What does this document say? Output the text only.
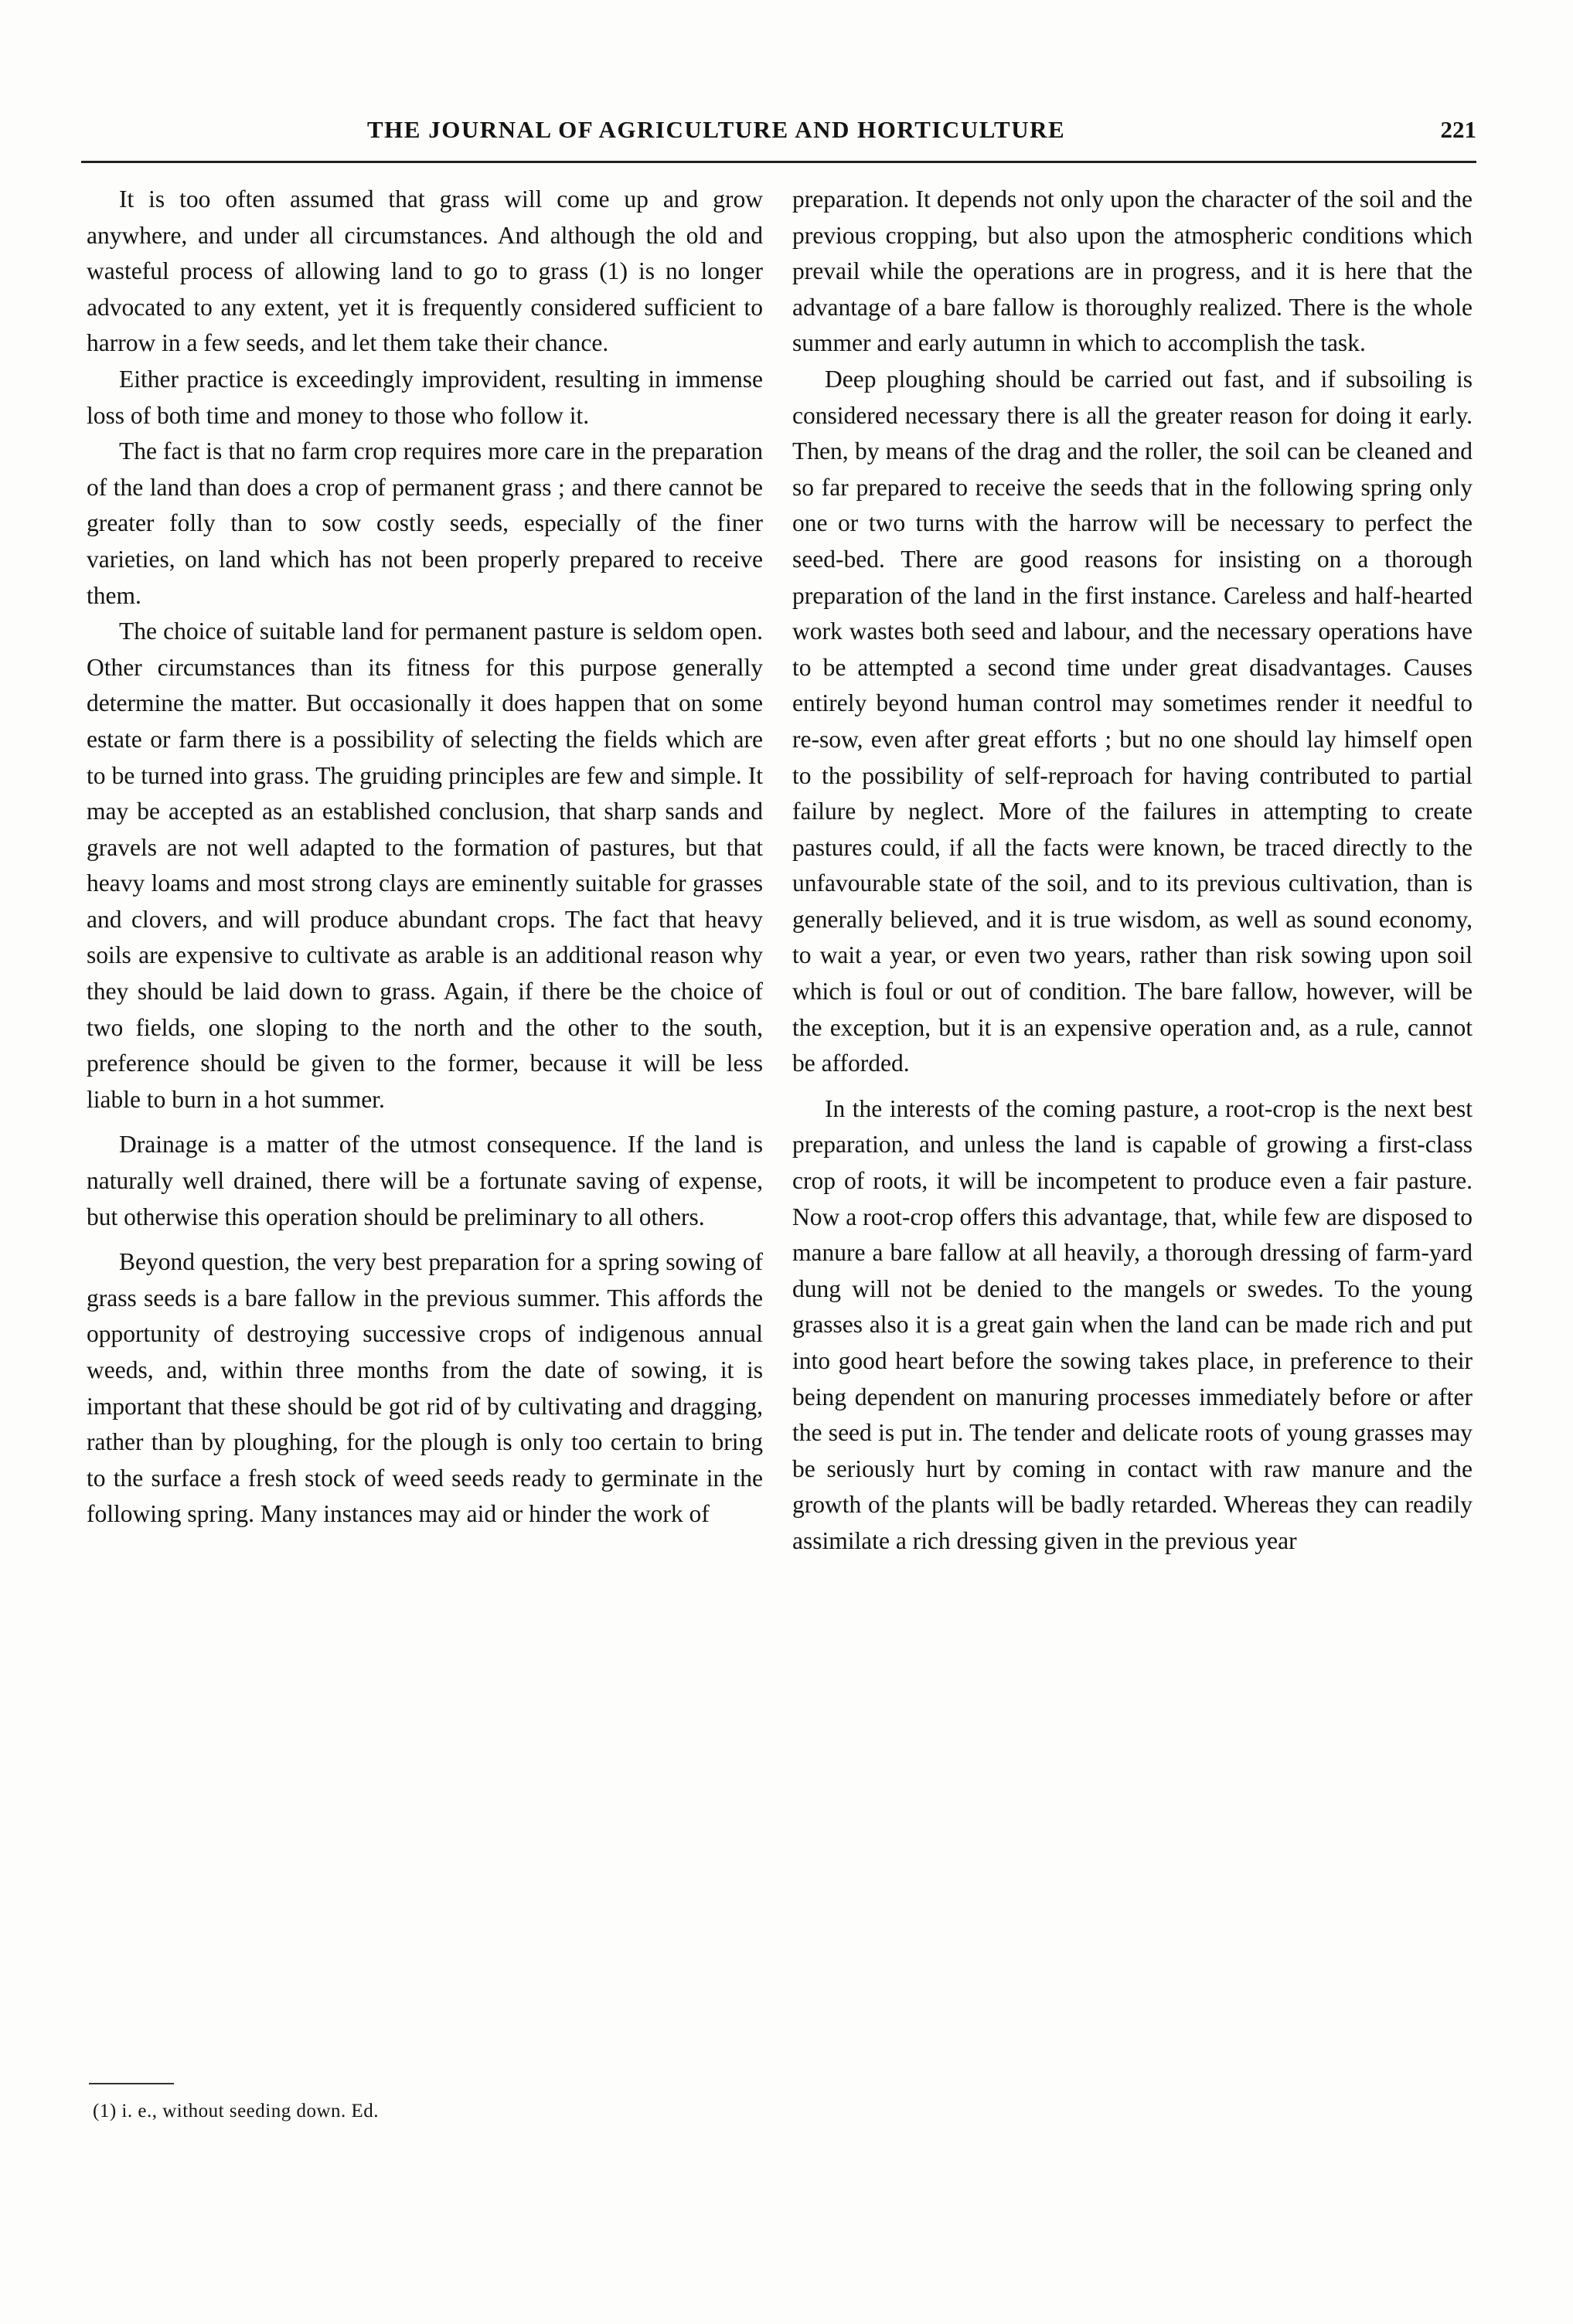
THE JOURNAL OF AGRICULTURE AND HORTICULTURE	221

It is too often assumed that grass will come up and grow anywhere, and under all circumstances. And although the old and wasteful process of allowing land to go to grass (1) is no longer advocated to any extent, yet it is frequently considered sufficient to harrow in a few seeds, and let them take their chance.

Either practice is exceedingly improvident, resulting in immense loss of both time and money to those who follow it.

The fact is that no farm crop requires more care in the preparation of the land than does a crop of permanent grass ; and there cannot be greater folly than to sow costly seeds, especially of the finer varieties, on land which has not been properly prepared to receive them.

The choice of suitable land for permanent pasture is seldom open. Other circumstances than its fitness for this purpose generally determine the matter. But occasionally it does happen that on some estate or farm there is a possibility of selecting the fields which are to be turned into grass. The gruiding principles are few and simple. It may be accepted as an established conclusion, that sharp sands and gravels are not well adapted to the formation of pastures, but that heavy loams and most strong clays are eminently suitable for grasses and clovers, and will produce abundant crops. The fact that heavy soils are expensive to cultivate as arable is an additional reason why they should be laid down to grass. Again, if there be the choice of two fields, one sloping to the north and the other to the south, preference should be given to the former, because it will be less liable to burn in a hot summer.

Drainage is a matter of the utmost consequence. If the land is naturally well drained, there will be a fortunate saving of expense, but otherwise this operation should be preliminary to all others.

Beyond question, the very best preparation for a spring sowing of grass seeds is a bare fallow in the previous summer. This affords the opportunity of destroying successive crops of indigenous annual weeds, and, within three months from the date of sowing, it is important that these should be got rid of by cultivating and dragging, rather than by ploughing, for the plough is only too certain to bring to the surface a fresh stock of weed seeds ready to germinate in the following spring. Many instances may aid or hinder the work of

(1) i. e., without seeding down. Ed.

preparation. It depends not only upon the character of the soil and the previous cropping, but also upon the atmospheric conditions which prevail while the operations are in progress, and it is here that the advantage of a bare fallow is thoroughly realized. There is the whole summer and early autumn in which to accomplish the task.

Deep ploughing should be carried out fast, and if subsoiling is considered necessary there is all the greater reason for doing it early. Then, by means of the drag and the roller, the soil can be cleaned and so far prepared to receive the seeds that in the following spring only one or two turns with the harrow will be necessary to perfect the seed-bed. There are good reasons for insisting on a thorough preparation of the land in the first instance. Careless and half-hearted work wastes both seed and labour, and the necessary operations have to be attempted a second time under great disadvantages. Causes entirely beyond human control may sometimes render it needful to re-sow, even after great efforts ; but no one should lay himself open to the possibility of self-reproach for having contributed to partial failure by neglect. More of the failures in attempting to create pastures could, if all the facts were known, be traced directly to the unfavourable state of the soil, and to its previous cultivation, than is generally believed, and it is true wisdom, as well as sound economy, to wait a year, or even two years, rather than risk sowing upon soil which is foul or out of condition. The bare fallow, however, will be the exception, but it is an expensive operation and, as a rule, cannot be afforded.

In the interests of the coming pasture, a root-crop is the next best preparation, and unless the land is capable of growing a first-class crop of roots, it will be incompetent to produce even a fair pasture. Now a root-crop offers this advantage, that, while few are disposed to manure a bare fallow at all heavily, a thorough dressing of farm-yard dung will not be denied to the mangels or swedes. To the young grasses also it is a great gain when the land can be made rich and put into good heart before the sowing takes place, in preference to their being dependent on manuring processes immediately before or after the seed is put in. The tender and delicate roots of young grasses may be seriously hurt by coming in contact with raw manure and the growth of the plants will be badly retarded. Whereas they can readily assimilate a rich dressing given in the previous year
